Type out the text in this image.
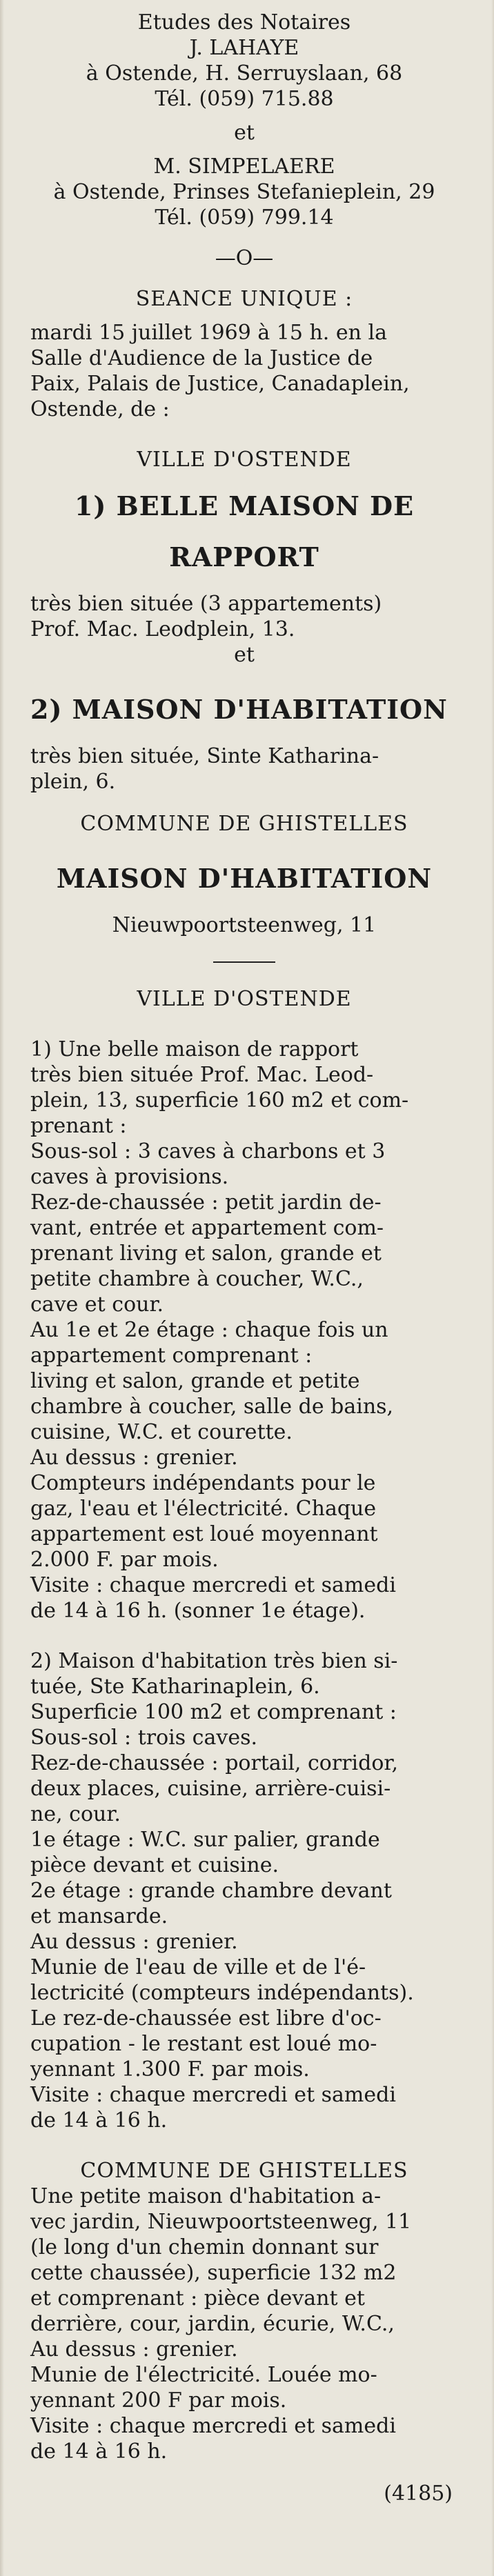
Etudes des Notaires
J. LAHAYE
à Ostende, H. Serruyslaan, 68
Tél. (059) 715.88
et
M. SIMPELAERE
à Ostende, Prinses Stefanieplein, 29
Tél. (059) 799.14
—O—
SEANCE UNIQUE :
mardi 15 juillet 1969 à 15 h. en la
Salle d'Audience de la Justice de
Paix, Palais de Justice, Canadaplein,
Ostende, de :
VILLE D'OSTENDE
1) BELLE MAISON DE
RAPPORT
très bien située (3 appartements)
Prof. Mac. Leodplein, 13.
et
2) MAISON D'HABITATION
très bien située, Sinte Katharina-
plein, 6.
COMMUNE DE GHISTELLES
MAISON D'HABITATION
Nieuwpoortsteenweg, 11
VILLE D'OSTENDE
1) Une belle maison de rapport
très bien située Prof. Mac. Leod-
plein, 13, superficie 160 m2 et com-
prenant :
Sous-sol : 3 caves à charbons et 3
caves à provisions.
Rez-de-chaussée : petit jardin de-
vant, entrée et appartement com-
prenant living et salon, grande et
petite chambre à coucher, W.C.,
cave et cour.
Au 1e et 2e étage : chaque fois un
appartement comprenant :
living et salon, grande et petite
chambre à coucher, salle de bains,
cuisine, W.C. et courette.
Au dessus : grenier.
Compteurs indépendants pour le
gaz, l'eau et l'électricité. Chaque
appartement est loué moyennant
2.000 F. par mois.
Visite : chaque mercredi et samedi
de 14 à 16 h. (sonner 1e étage).
2) Maison d'habitation très bien si-
tuée, Ste Katharinaplein, 6.
Superficie 100 m2 et comprenant :
Sous-sol : trois caves.
Rez-de-chaussée : portail, corridor,
deux places, cuisine, arrière-cuisi-
ne, cour.
1e étage : W.C. sur palier, grande
pièce devant et cuisine.
2e étage : grande chambre devant
et mansarde.
Au dessus : grenier.
Munie de l'eau de ville et de l'é-
lectricité (compteurs indépendants).
Le rez-de-chaussée est libre d'oc-
cupation - le restant est loué mo-
yennant 1.300 F. par mois.
Visite : chaque mercredi et samedi
de 14 à 16 h.
COMMUNE DE GHISTELLES
Une petite maison d'habitation a-
vec jardin, Nieuwpoortsteenweg, 11
(le long d'un chemin donnant sur
cette chaussée), superficie 132 m2
et comprenant : pièce devant et
derrière, cour, jardin, écurie, W.C.,
Au dessus : grenier.
Munie de l'électricité. Louée mo-
yennant 200 F par mois.
Visite : chaque mercredi et samedi
de 14 à 16 h.
(4185)
